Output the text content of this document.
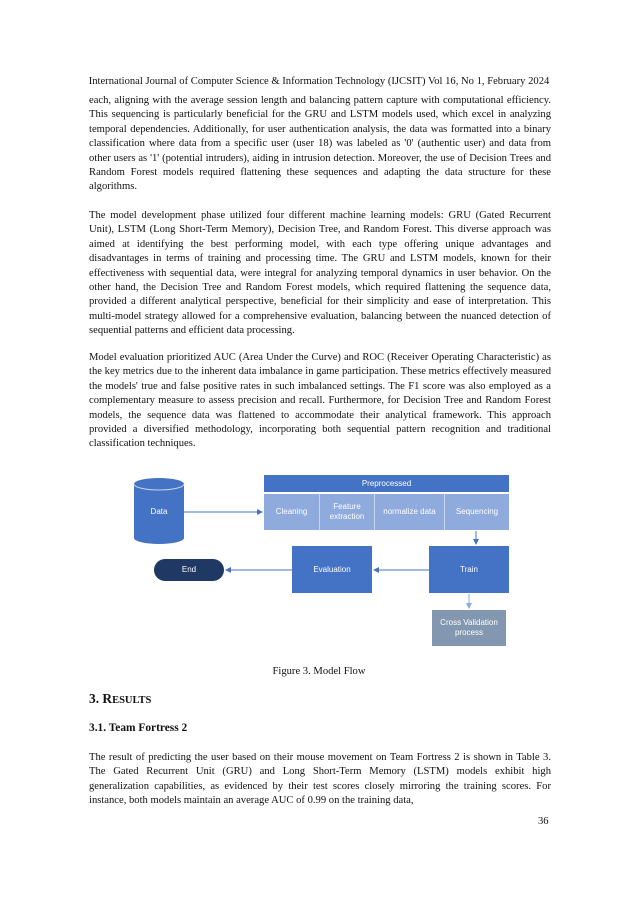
International Journal of Computer Science & Information Technology (IJCSIT) Vol 16, No 1, February 2024

each, aligning with the average session length and balancing pattern capture with computational efficiency. This sequencing is particularly beneficial for the GRU and LSTM models used, which excel in analyzing temporal dependencies. Additionally, for user authentication analysis, the data was formatted into a binary classification where data from a specific user (user 18) was labeled as '0' (authentic user) and data from other users as '1' (potential intruders), aiding in intrusion detection. Moreover, the use of Decision Trees and Random Forest models required flattening these sequences and adapting the data structure for these algorithms.

The model development phase utilized four different machine learning models: GRU (Gated Recurrent Unit), LSTM (Long Short-Term Memory), Decision Tree, and Random Forest. This diverse approach was aimed at identifying the best performing model, with each type offering unique advantages and disadvantages in terms of training and processing time. The GRU and LSTM models, known for their effectiveness with sequential data, were integral for analyzing temporal dynamics in user behavior. On the other hand, the Decision Tree and Random Forest models, which required flattening the sequence data, provided a different analytical perspective, beneficial for their simplicity and ease of interpretation. This multi-model strategy allowed for a comprehensive evaluation, balancing between the nuanced detection of sequential patterns and efficient data processing.

Model evaluation prioritized AUC (Area Under the Curve) and ROC (Receiver Operating Characteristic) as the key metrics due to the inherent data imbalance in game participation. These metrics effectively measured the models' true and false positive rates in such imbalanced settings. The F1 score was also employed as a complementary measure to assess precision and recall. Furthermore, for Decision Tree and Random Forest models, the sequence data was flattened to accommodate their analytical framework. This approach provided a diversified methodology, incorporating both sequential pattern recognition and traditional classification techniques.

Data
Preprocessed
Cleaning
Feature extraction
normalize data	Sequencing
Train
Evaluation
End
Cross Validation process
Figure 3. Model Flow
3. RESULTS
3.1. Team Fortress 2

The result of predicting the user based on their mouse movement on Team Fortress 2 is shown in Table 3. The Gated Recurrent Unit (GRU) and Long Short-Term Memory (LSTM) models exhibit high generalization capabilities, as evidenced by their test scores closely mirroring the training scores. For instance, both models maintain an average AUC of 0.99 on the training data,

36
